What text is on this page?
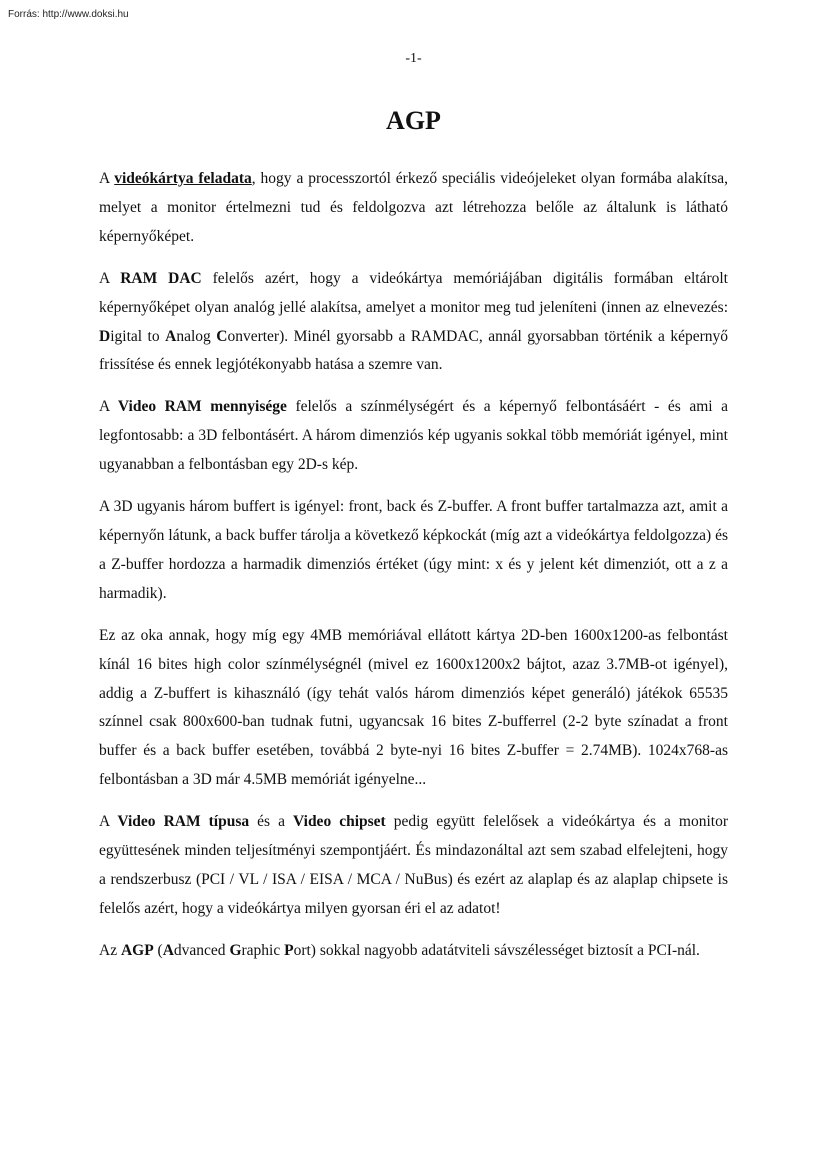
Forrás: http://www.doksi.hu
-1-
AGP

A videókártya feladata, hogy a processzortól érkező speciális videójeleket olyan formába alakítsa, melyet a monitor értelmezni tud és feldolgozva azt létrehozza belőle az általunk is látható képernyőképet.

A RAM DAC felelős azért, hogy a videókártya memóriájában digitális formában eltárolt képernyőképet olyan analóg jellé alakítsa, amelyet a monitor meg tud jeleníteni (innen az elnevezés: Digital to Analog Converter). Minél gyorsabb a RAMDAC, annál gyorsabban történik a képernyő frissítése és ennek legjótékonyabb hatása a szemre van.

A Video RAM mennyisége felelős a színmélységért és a képernyő felbontásáért - és ami a legfontosabb: a 3D felbontásért. A három dimenziós kép ugyanis sokkal több memóriát igényel, mint ugyanabban a felbontásban egy 2D-s kép.

A 3D ugyanis három buffert is igényel: front, back és Z-buffer. A front buffer tartalmazza azt, amit a képernyőn látunk, a back buffer tárolja a következő képkockát (míg azt a videókártya feldolgozza) és a Z-buffer hordozza a harmadik dimenziós értéket (úgy mint: x és y jelent két dimenziót, ott a z a harmadik).

Ez az oka annak, hogy míg egy 4MB memóriával ellátott kártya 2D-ben 1600x1200-as felbontást kínál 16 bites high color színmélységnél (mivel ez 1600x1200x2 bájtot, azaz 3.7MB-ot igényel), addig a Z-buffert is kihasználó (így tehát valós három dimenziós képet generáló) játékok 65535 színnel csak 800x600-ban tudnak futni, ugyancsak 16 bites Z-bufferrel (2-2 byte színadat a front buffer és a back buffer esetében, továbbá 2 byte-nyi 16 bites Z-buffer = 2.74MB). 1024x768-as felbontásban a 3D már 4.5MB memóriát igényelne...

A Video RAM típusa és a Video chipset pedig együtt felelősek a videókártya és a monitor együttesének minden teljesítményi szempontjáért. És mindazonáltal azt sem szabad elfelejteni, hogy a rendszerbusz (PCI / VL / ISA / EISA / MCA / NuBus) és ezért az alaplap és az alaplap chipsete is felelős azért, hogy a videókártya milyen gyorsan éri el az adatot!

Az AGP (Advanced Graphic Port) sokkal nagyobb adatátviteli sávszélességet biztosít a PCI-nál.
